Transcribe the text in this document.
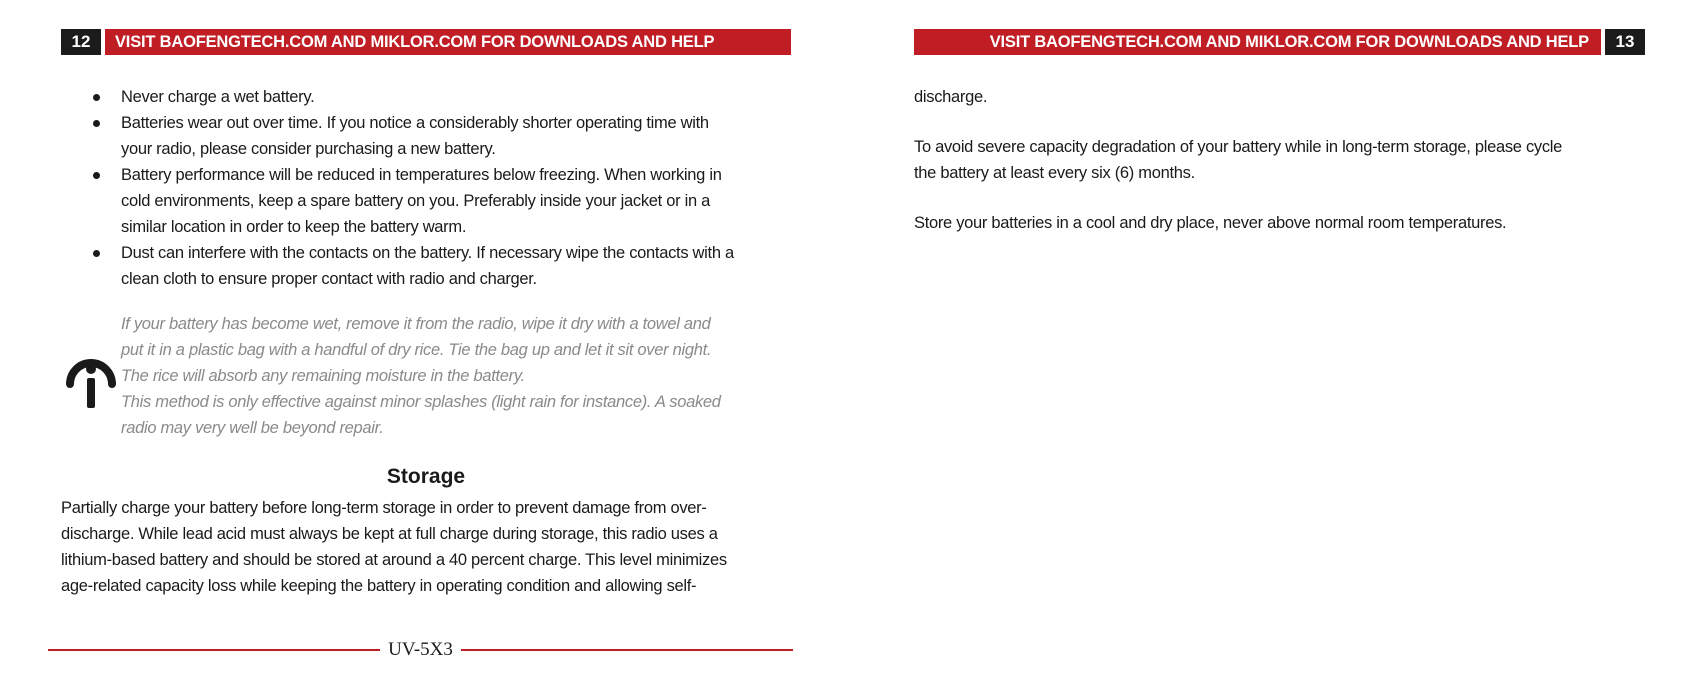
12	VISIT BAOFENGTECH.COM AND MIKLOR.COM FOR DOWNLOADS AND HELP
Never charge a wet battery.
Batteries wear out over time. If you notice a considerably shorter operating time with
your radio, please consider purchasing a new battery.
Battery performance will be reduced in temperatures below freezing. When working in
cold environments, keep a spare battery on you. Preferably inside your jacket or in a
similar location in order to keep the battery warm.
Dust can interfere with the contacts on the battery. If necessary wipe the contacts with a
clean cloth to ensure proper contact with radio and charger.

If your battery has become wet, remove it from the radio, wipe it dry with a towel and

put it in a plastic bag with a handful of dry rice. Tie the bag up and let it sit over night.

The rice will absorb any remaining moisture in the battery.

This method is only effective against minor splashes (light rain for instance). A soaked

radio may very well be beyond repair.

Storage
Partially charge your battery before long-term storage in order to prevent damage from over-
discharge. While lead acid must always be kept at full charge during storage, this radio uses a
lithium-based battery and should be stored at around a 40 percent charge. This level minimizes
age-related capacity loss while keeping the battery in operating condition and allowing self-
UV-5X3
VISIT BAOFENGTECH.COM AND MIKLOR.COM FOR DOWNLOADS AND HELP	13

discharge.

To avoid severe capacity degradation of your battery while in long-term storage, please cycle
the battery at least every six (6) months.

Store your batteries in a cool and dry place, never above normal room temperatures.
